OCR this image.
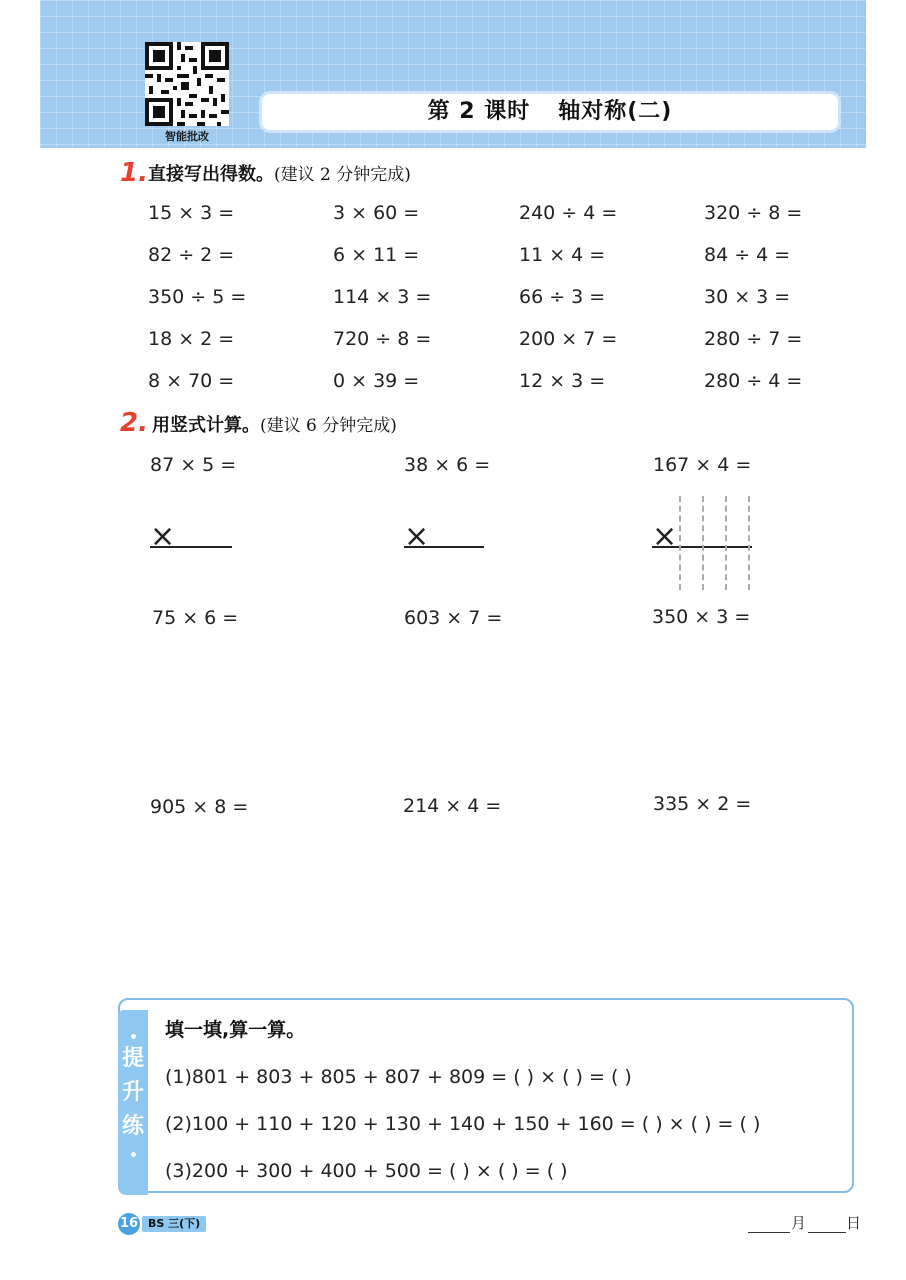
智能批改
第 2 课时 轴对称(二)
1. 直接写出得数。(建议 2 分钟完成)
15 × 3 =	3 × 60 =	240 ÷ 4 =	320 ÷ 8 =
82 ÷ 2 =	6 × 11 =	11 × 4 =	84 ÷ 4 =
350 ÷ 5 =	114 × 3 =	66 ÷ 3 =	30 × 3 =
18 × 2 =	720 ÷ 8 =	200 × 7 =	280 ÷ 7 =
8 × 70 =	0 × 39 =	12 × 3 =	280 ÷ 4 =
2. 用竖式计算。(建议 6 分钟完成)
87 × 5 =	38 × 6 =	167 × 4 =
×	×	×
75 × 6 =	603 × 7 =	350 × 3 =
905 × 8 =	214 × 4 =	335 × 2 =
提
升
练
填一填,算一算。
(1)801 + 803 + 805 + 807 + 809 = ( ) × ( ) = ( )
(2)100 + 110 + 120 + 130 + 140 + 150 + 160 = ( ) × ( ) = ( )
(3)200 + 300 + 400 + 500 = ( ) × ( ) = ( )
16 BS 三(下)	月	日
